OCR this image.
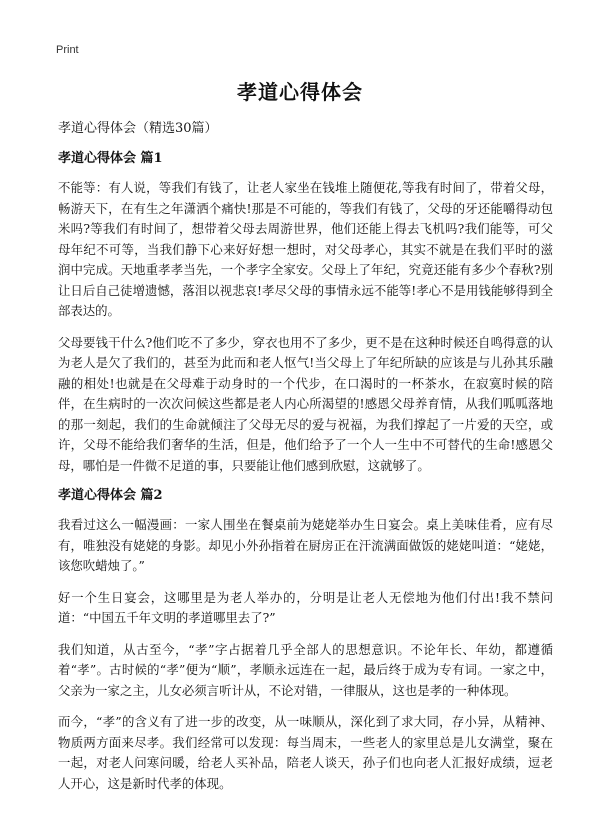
Print
孝道心得体会

孝道心得体会（精选30篇）

孝道心得体会 篇1

不能等：有人说，等我们有钱了，让老人家坐在钱堆上随便花,等我有时间了，带着父母，畅游天下，在有生之年潇洒个痛快!那是不可能的，等我们有钱了，父母的牙还能嚼得动包米吗?等我们有时间了，想带着父母去周游世界，他们还能上得去飞机吗?我们能等，可父母年纪不可等，当我们静下心来好好想一想时，对父母孝心，其实不就是在我们平时的滋润中完成。天地重孝孝当先，一个孝字全家安。父母上了年纪，究竟还能有多少个春秋?别让日后自己徒增遗憾，落泪以视悲哀!孝尽父母的事情永远不能等!孝心不是用钱能够得到全部表达的。

父母要钱干什么?他们吃不了多少，穿衣也用不了多少，更不是在这种时候还自鸣得意的认为老人是欠了我们的，甚至为此而和老人怄气!当父母上了年纪所缺的应该是与儿孙其乐融融的相处!也就是在父母难于动身时的一个代步，在口渴时的一杯茶水，在寂寞时候的陪伴，在生病时的一次次问候这些都是老人内心所渴望的!感恩父母养育情，从我们呱呱落地的那一刻起，我们的生命就倾注了父母无尽的爱与祝福，为我们撑起了一片爱的天空，或许，父母不能给我们奢华的生活，但是，他们给予了一个人一生中不可替代的生命!感恩父母，哪怕是一件微不足道的事，只要能让他们感到欣慰，这就够了。

孝道心得体会 篇2

我看过这么一幅漫画：一家人围坐在餐桌前为姥姥举办生日宴会。桌上美味佳肴，应有尽有，唯独没有姥姥的身影。却见小外孙指着在厨房正在汗流满面做饭的姥姥叫道：“姥姥，该您吹蜡烛了。”

好一个生日宴会，这哪里是为老人举办的，分明是让老人无偿地为他们付出!我不禁问道：“中国五千年文明的孝道哪里去了?”

我们知道，从古至今，“孝”字占据着几乎全部人的思想意识。不论年长、年幼，都遵循着“孝”。古时候的“孝”便为“顺”，孝顺永远连在一起，最后终于成为专有词。一家之中，父亲为一家之主，儿女必须言听计从，不论对错，一律服从，这也是孝的一种体现。

而今，“孝”的含义有了进一步的改变，从一味顺从，深化到了求大同，存小异，从精神、物质两方面来尽孝。我们经常可以发现：每当周末，一些老人的家里总是儿女满堂，聚在一起，对老人问寒问暖，给老人买补品，陪老人谈天，孙子们也向老人汇报好成绩，逗老人开心，这是新时代孝的体现。
